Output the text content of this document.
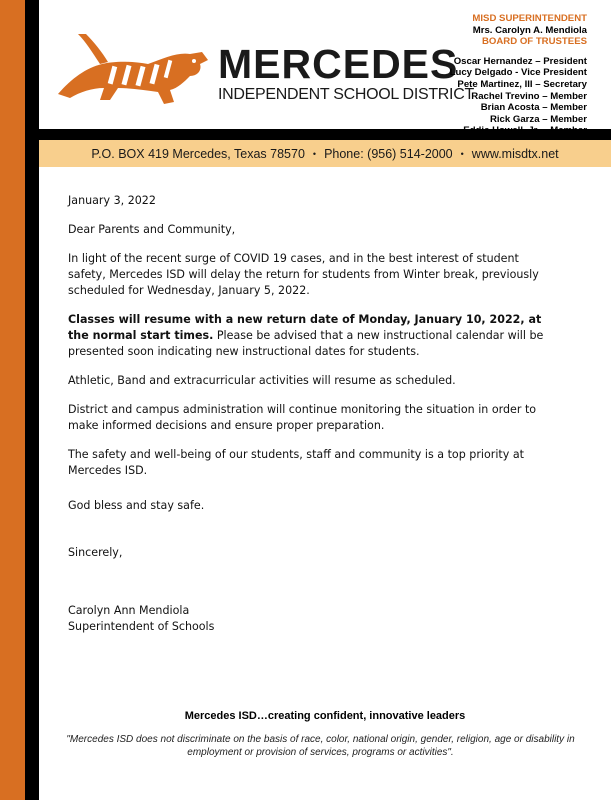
MERCEDES
INDEPENDENT SCHOOL DISTRICT
MISD SUPERINTENDENT
Mrs. Carolyn A. Mendiola
BOARD OF TRUSTEES
Oscar Hernandez – President
Lucy Delgado - Vice President
Pete Martinez, III – Secretary
Rachel Trevino – Member
Brian Acosta – Member
Rick Garza – Member
P.O. BOX 419 Mercedes, Texas 78570 • Phone: (956) 514-2000 • www.misdtx.net

January 3, 2022

Dear Parents and Community,

In light of the recent surge of COVID 19 cases, and in the best interest of student safety, Mercedes ISD will delay the return for students from Winter break, previously scheduled for Wednesday, January 5, 2022.

Classes will resume with a new return date of Monday, January 10, 2022, at the normal start times. Please be advised that a new instructional calendar will be presented soon indicating new instructional dates for students.

Athletic, Band and extracurricular activities will resume as scheduled.

District and campus administration will continue monitoring the situation in order to make informed decisions and ensure proper preparation.

The safety and well-being of our students, staff and community is a top priority at Mercedes ISD.

God bless and stay safe.

Sincerely,

Carolyn Ann Mendiola

Superintendent of Schools

Mercedes ISD…creating confident, innovative leaders
"Mercedes ISD does not discriminate on the basis of race, color, national origin, gender, religion, age or disability in employment or provision of services, programs or activities".
